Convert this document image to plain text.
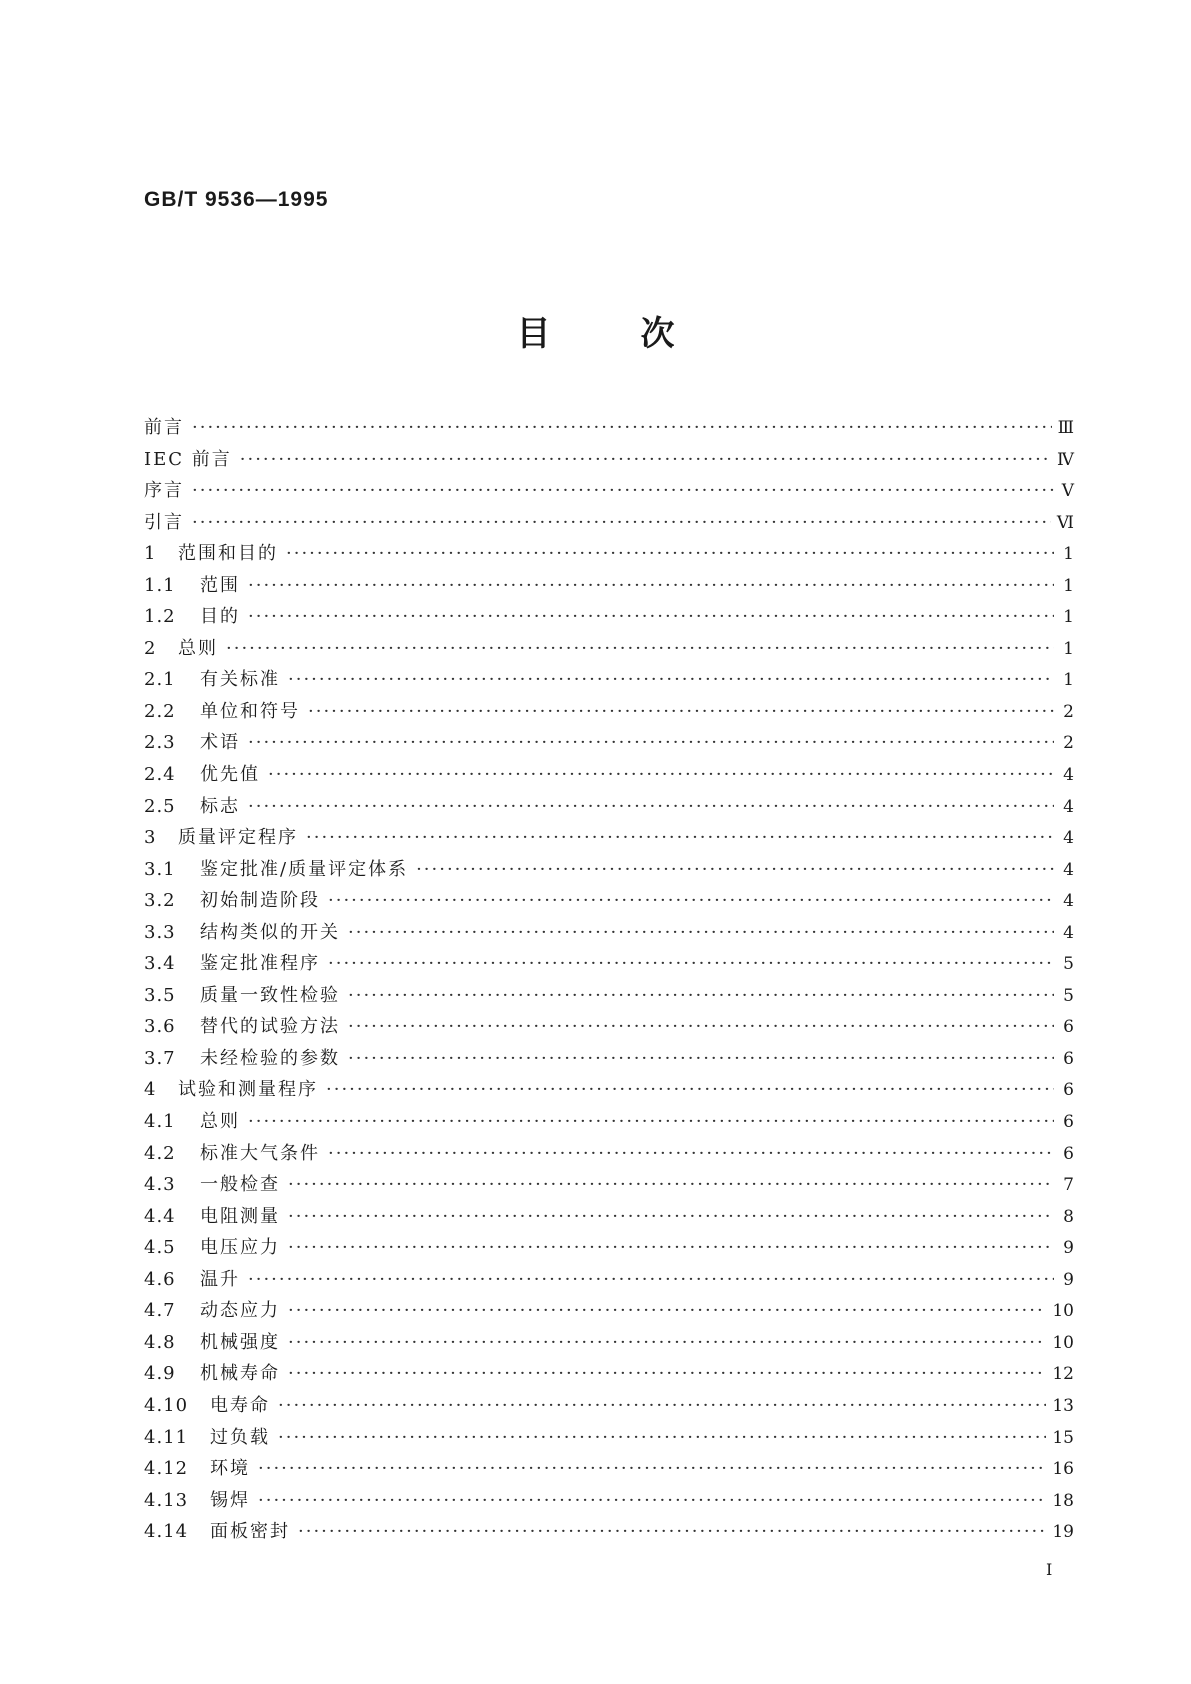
GB/T 9536—1995
目	次
前言 ·····	Ⅲ
IEC 前言 ·····	Ⅳ
序言 ·····	Ⅴ
引言 ·····	Ⅵ
1	范围和目的 ·····	1
1.1	范围 ·····	1
1.2	目的 ·····	1
2	总则 ·····	1
2.1	有关标准 ·····	1
2.2	单位和符号 ·····	2
2.3	术语 ·····	2
2.4	优先值 ·····	4
2.5	标志 ·····	4
3	质量评定程序 ·····	4
3.1	鉴定批准/质量评定体系 ·····	4
3.2	初始制造阶段 ·····	4
3.3	结构类似的开关 ·····	4
3.4	鉴定批准程序 ·····	5
3.5	质量一致性检验 ·····	5
3.6	替代的试验方法 ·····	6
3.7	未经检验的参数 ·····	6
4	试验和测量程序 ·····	6
4.1	总则 ·····	6
4.2	标准大气条件 ·····	6
4.3	一般检查 ·····	7
4.4	电阻测量 ·····	8
4.5	电压应力 ·····	9
4.6	温升 ·····	9
4.7	动态应力 ·····	10
4.8	机械强度 ·····	10
4.9	机械寿命 ·····	12
4.10	电寿命 ·····	13
4.11	过负载 ·····	15
4.12	环境 ·····	16
4.13	锡焊 ·····	18
4.14	面板密封 ·····	19
I
